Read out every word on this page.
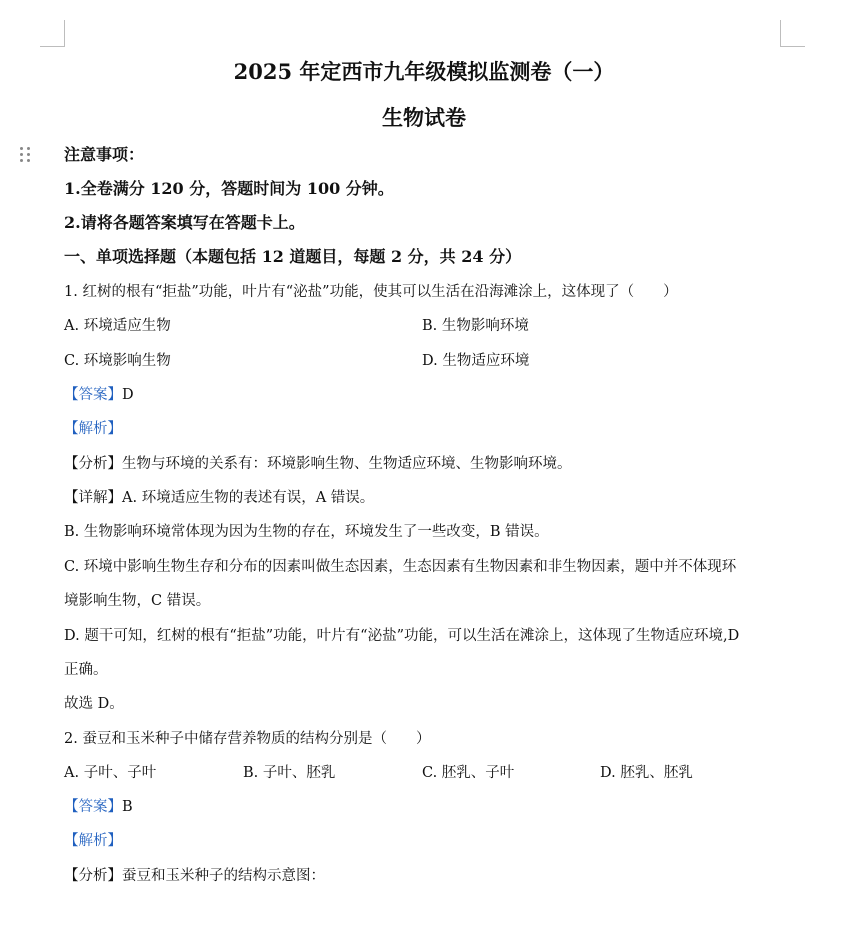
2025 年定西市九年级模拟监测卷（一）
生物试卷
注意事项：
1.全卷满分 120 分，答题时间为 100 分钟。
2.请将各题答案填写在答题卡上。
一、单项选择题（本题包括 12 道题目，每题 2 分，共 24 分）
1. 红树的根有“拒盐”功能，叶片有“泌盐”功能，使其可以生活在沿海滩涂上，这体现了（　　）
A. 环境适应生物	B. 生物影响环境
C. 环境影响生物	D. 生物适应环境
【答案】D
【解析】
【分析】生物与环境的关系有：环境影响生物、生物适应环境、生物影响环境。
【详解】A. 环境适应生物的表述有误，A 错误。
B. 生物影响环境常体现为因为生物的存在，环境发生了一些改变，B 错误。
C. 环境中影响生物生存和分布的因素叫做生态因素，生态因素有生物因素和非生物因素，题中并不体现环
境影响生物，C 错误。
D. 题干可知，红树的根有“拒盐”功能，叶片有“泌盐”功能，可以生活在滩涂上，这体现了生物适应环境,D
正确。
故选 D。
2. 蚕豆和玉米种子中储存营养物质的结构分别是（　　）
A. 子叶、子叶	B. 子叶、胚乳	C. 胚乳、子叶	D. 胚乳、胚乳
【答案】B
【解析】
【分析】蚕豆和玉米种子的结构示意图：
